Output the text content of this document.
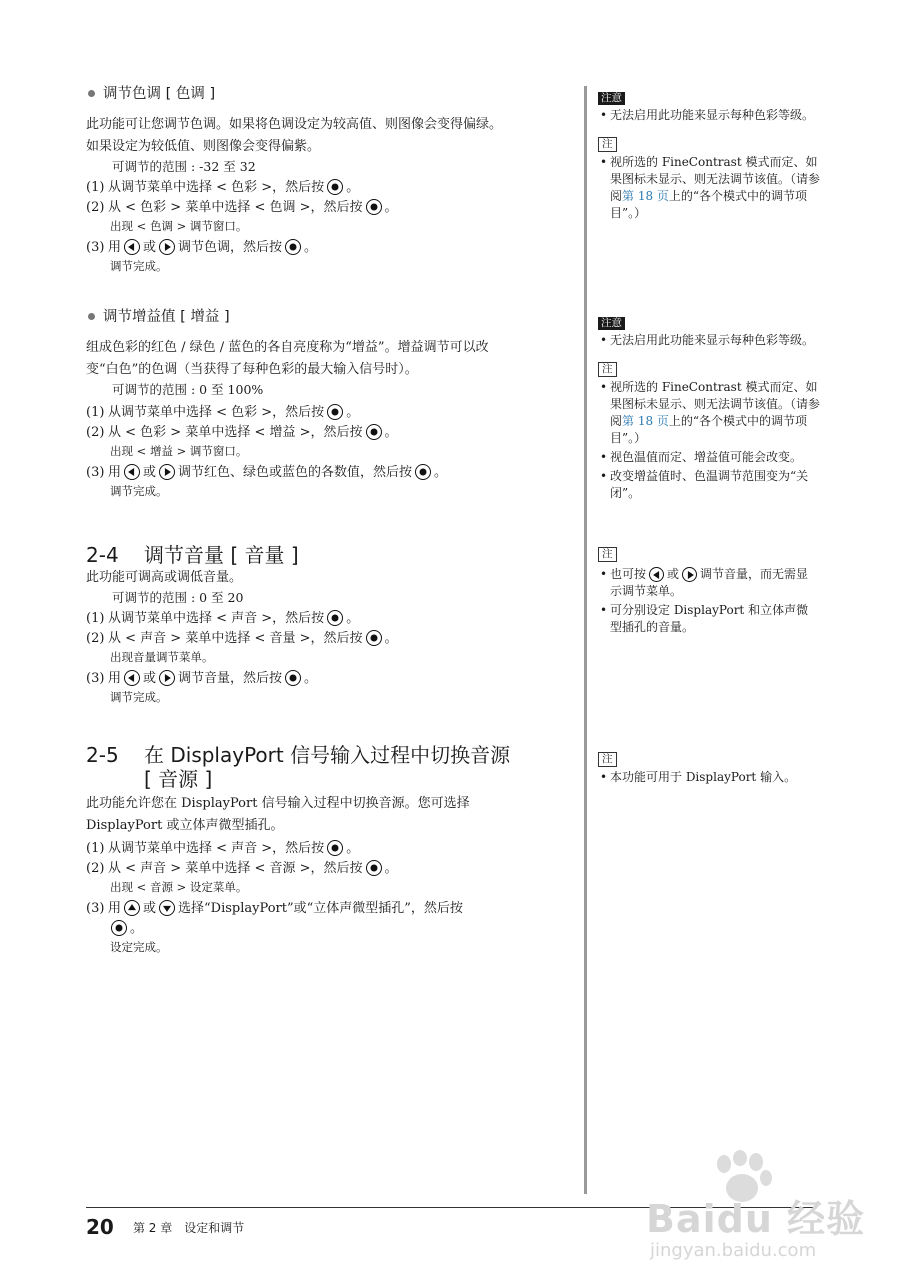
调节色调 [ 色调 ]

此功能可让您调节色调。如果将色调设定为较高值、则图像会变得偏绿。
如果设定为较低值、则图像会变得偏紫。

可调节的范围 : -32 至 32
(1) 从调节菜单中选择 < 色彩 >，然后按 。
(2) 从 < 色彩 > 菜单中选择 < 色调 >，然后按 。
出现 < 色调 > 调节窗口。
(3) 用 或 调节色调，然后按 。
调节完成。
调节增益值 [ 增益 ]

组成色彩的红色 / 绿色 / 蓝色的各自亮度称为“增益”。增益调节可以改
变“白色”的色调（当获得了每种色彩的最大输入信号时）。

可调节的范围 : 0 至 100%
(1) 从调节菜单中选择 < 色彩 >，然后按 。
(2) 从 < 色彩 > 菜单中选择 < 增益 >，然后按 。
出现 < 增益 > 调节窗口。
(3) 用 或 调节红色、绿色或蓝色的各数值，然后按 。
调节完成。
2-4 调节音量 [ 音量 ]

此功能可调高或调低音量。

可调节的范围 : 0 至 20
(1) 从调节菜单中选择 < 声音 >，然后按 。
(2) 从 < 声音 > 菜单中选择 < 音量 >，然后按 。
出现音量调节菜单。
(3) 用 或 调节音量，然后按 。
调节完成。
2-5 在 DisplayPort 信号输入过程中切换音源
[ 音源 ]

此功能允许您在 DisplayPort 信号输入过程中切换音源。您可选择
DisplayPort 或立体声微型插孔。

(1) 从调节菜单中选择 < 声音 >，然后按 。
(2) 从 < 声音 > 菜单中选择 < 音源 >，然后按 。
出现 < 音源 > 设定菜单。
(3) 用 或 选择“DisplayPort”或“立体声微型插孔”，然后按
。
设定完成。
注意
• 无法启用此功能来显示每种色彩等级。
注
• 视所选的 FineContrast 模式而定、如果图标未显示、则无法调节该值。（请参阅第 18 页上的“各个模式中的调节项目”。）
注意
• 无法启用此功能来显示每种色彩等级。
注
• 视所选的 FineContrast 模式而定、如果图标未显示、则无法调节该值。（请参阅第 18 页上的“各个模式中的调节项目”。）
• 视色温值而定、增益值可能会改变。
• 改变增益值时、色温调节范围变为“关闭”。
注
• 也可按 或 调节音量，而无需显示调节菜单。
• 可分别设定 DisplayPort 和立体声微型插孔的音量。
注
• 本功能可用于 DisplayPort 输入。
20 第 2 章　设定和调节	Baidu 经验
jingyan.baidu.com
